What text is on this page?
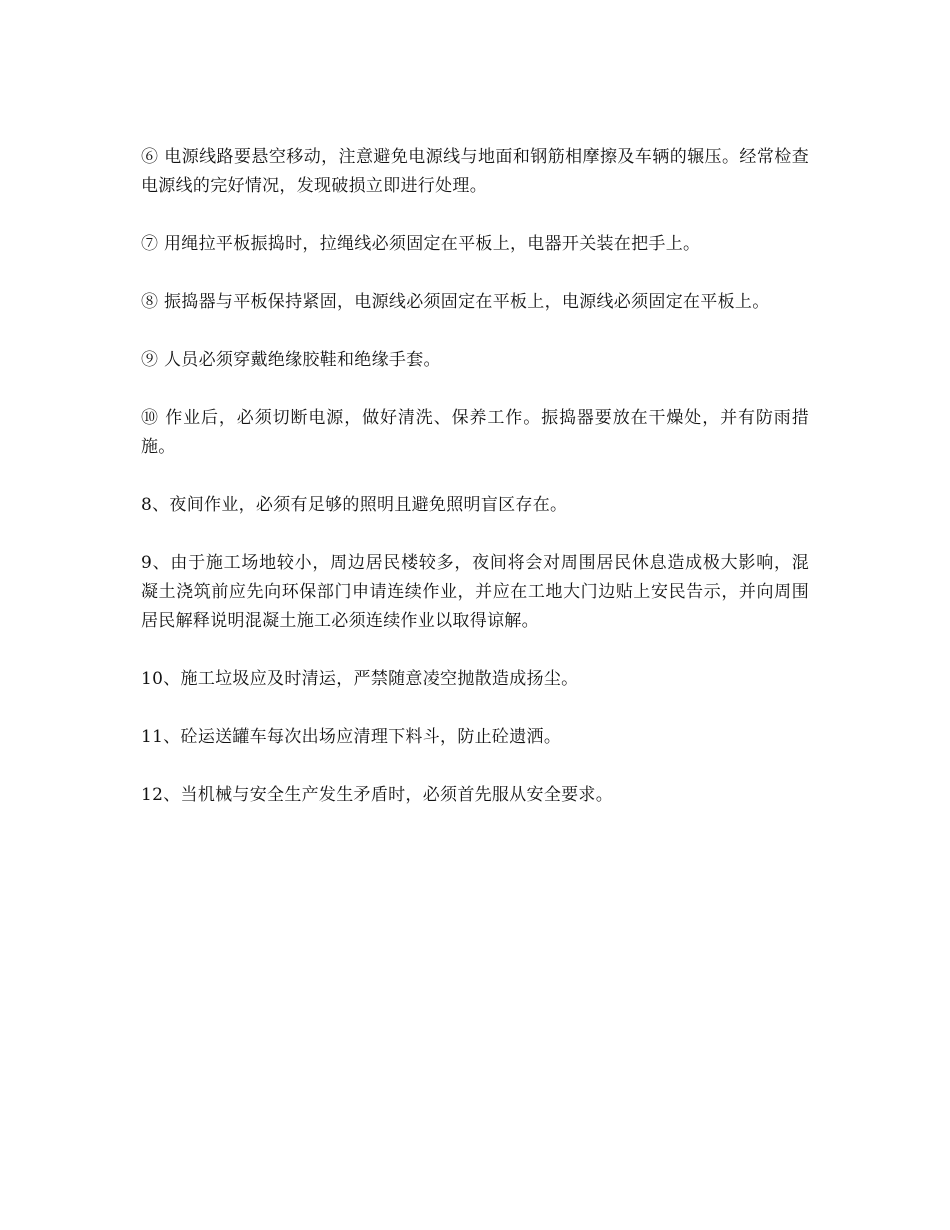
⑥ 电源线路要悬空移动，注意避免电源线与地面和钢筋相摩擦及车辆的辗压。经常检查电源线的完好情况，发现破损立即进行处理。

⑦ 用绳拉平板振捣时，拉绳线必须固定在平板上，电器开关装在把手上。

⑧ 振捣器与平板保持紧固，电源线必须固定在平板上，电源线必须固定在平板上。

⑨ 人员必须穿戴绝缘胶鞋和绝缘手套。

⑩ 作业后，必须切断电源，做好清洗、保养工作。振捣器要放在干燥处，并有防雨措施。

8、夜间作业，必须有足够的照明且避免照明盲区存在。

9、由于施工场地较小，周边居民楼较多，夜间将会对周围居民休息造成极大影响，混凝土浇筑前应先向环保部门申请连续作业，并应在工地大门边贴上安民告示，并向周围居民解释说明混凝土施工必须连续作业以取得谅解。

10、施工垃圾应及时清运，严禁随意凌空抛散造成扬尘。

11、砼运送罐车每次出场应清理下料斗，防止砼遗洒。

12、当机械与安全生产发生矛盾时，必须首先服从安全要求。
